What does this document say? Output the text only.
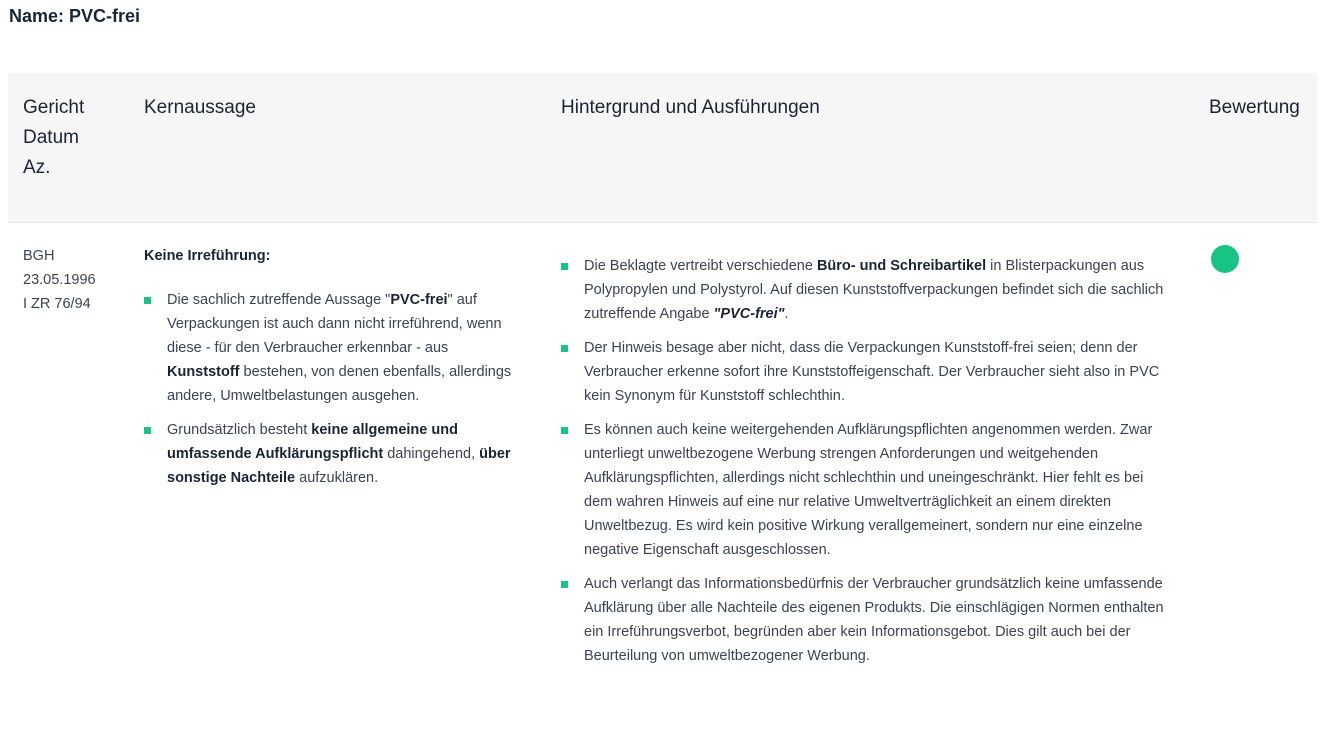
Name: PVC-frei
Gericht
Datum
Az.
Kernaussage	Hintergrund und Ausführungen	Bewertung
BGH
23.05.1996
I ZR 76/94
Keine Irreführung:
Die sachlich zutreffende Aussage "PVC-frei" auf Verpackungen ist auch dann nicht irreführend, wenn diese - für den Verbraucher erkennbar - aus Kunststoff bestehen, von denen ebenfalls, allerdings andere, Umweltbelastungen ausgehen.
Grundsätzlich besteht keine allgemeine und umfassende Aufklärungspflicht dahingehend, über sonstige Nachteile aufzuklären.
Die Beklagte vertreibt verschiedene Büro- und Schreibartikel in Blisterpackungen aus Polypropylen und Polystyrol. Auf diesen Kunststoffverpackungen befindet sich die sachlich zutreffende Angabe "PVC-frei".
Der Hinweis besage aber nicht, dass die Verpackungen Kunststoff-frei seien; denn der Verbraucher erkenne sofort ihre Kunststoffeigenschaft. Der Verbraucher sieht also in PVC kein Synonym für Kunststoff schlechthin.
Es können auch keine weitergehenden Aufklärungspflichten angenommen werden. Zwar unterliegt unweltbezogene Werbung strengen Anforderungen und weitgehenden Aufklärungspflichten, allerdings nicht schlechthin und uneingeschränkt. Hier fehlt es bei dem wahren Hinweis auf eine nur relative Umweltverträglichkeit an einem direkten Unweltbezug. Es wird kein positive Wirkung verallgemeinert, sondern nur eine einzelne negative Eigenschaft ausgeschlossen.
Auch verlangt das Informationsbedürfnis der Verbraucher grundsätzlich keine umfassende Aufklärung über alle Nachteile des eigenen Produkts. Die einschlägigen Normen enthalten ein Irreführungsverbot, begründen aber kein Informationsgebot. Dies gilt auch bei der Beurteilung von umweltbezogener Werbung.
